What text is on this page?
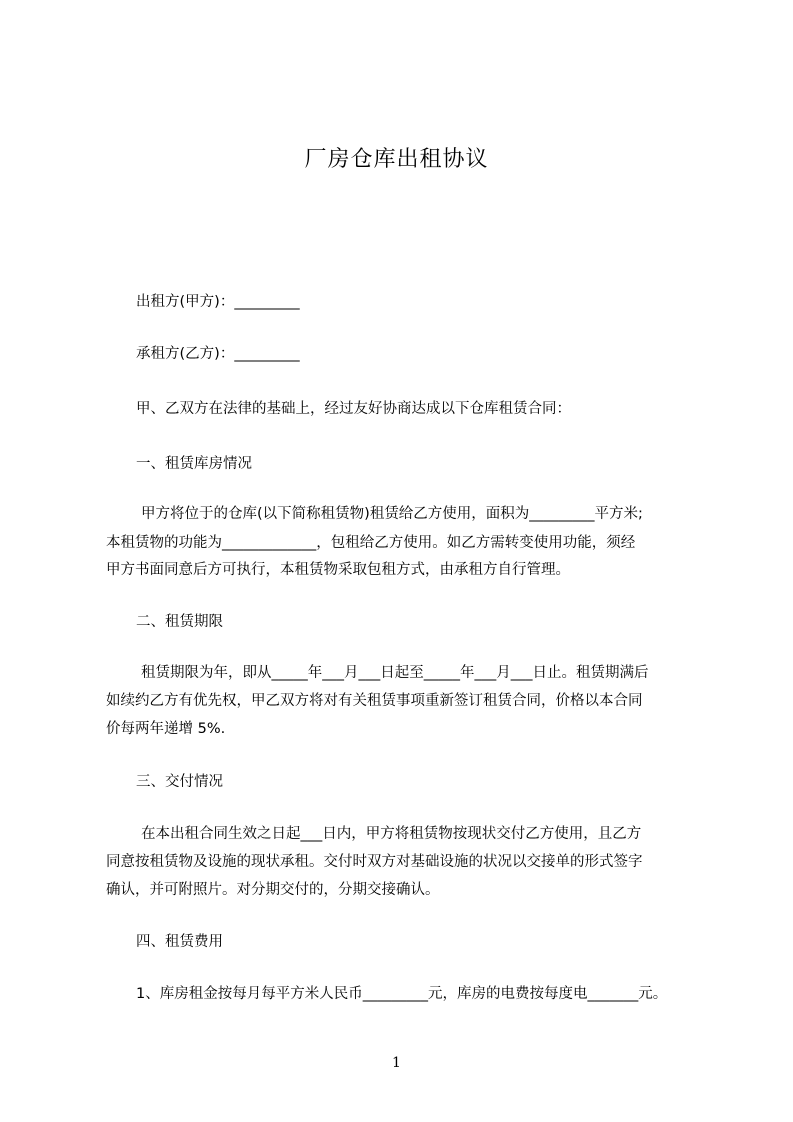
厂房仓库出租协议
出租方(甲方)：_________
承租方(乙方)：_________
甲、乙双方在法律的基础上，经过友好协商达成以下仓库租赁合同：
一、租赁库房情况
甲方将位于的仓库(以下简称租赁物)租赁给乙方使用，面积为_________平方米;
本租赁物的功能为_____________，包租给乙方使用。如乙方需转变使用功能，须经
甲方书面同意后方可执行，本租赁物采取包租方式，由承租方自行管理。
二、租赁期限
租赁期限为年，即从_____年___月___日起至_____年___月___日止。租赁期满后
如续约乙方有优先权，甲乙双方将对有关租赁事项重新签订租赁合同，价格以本合同
价每两年递增 5%.
三、交付情况
在本出租合同生效之日起___日内，甲方将租赁物按现状交付乙方使用，且乙方
同意按租赁物及设施的现状承租。交付时双方对基础设施的状况以交接单的形式签字
确认，并可附照片。对分期交付的，分期交接确认。
四、租赁费用
1、库房租金按每月每平方米人民币_________元，库房的电费按每度电_______元。
1
